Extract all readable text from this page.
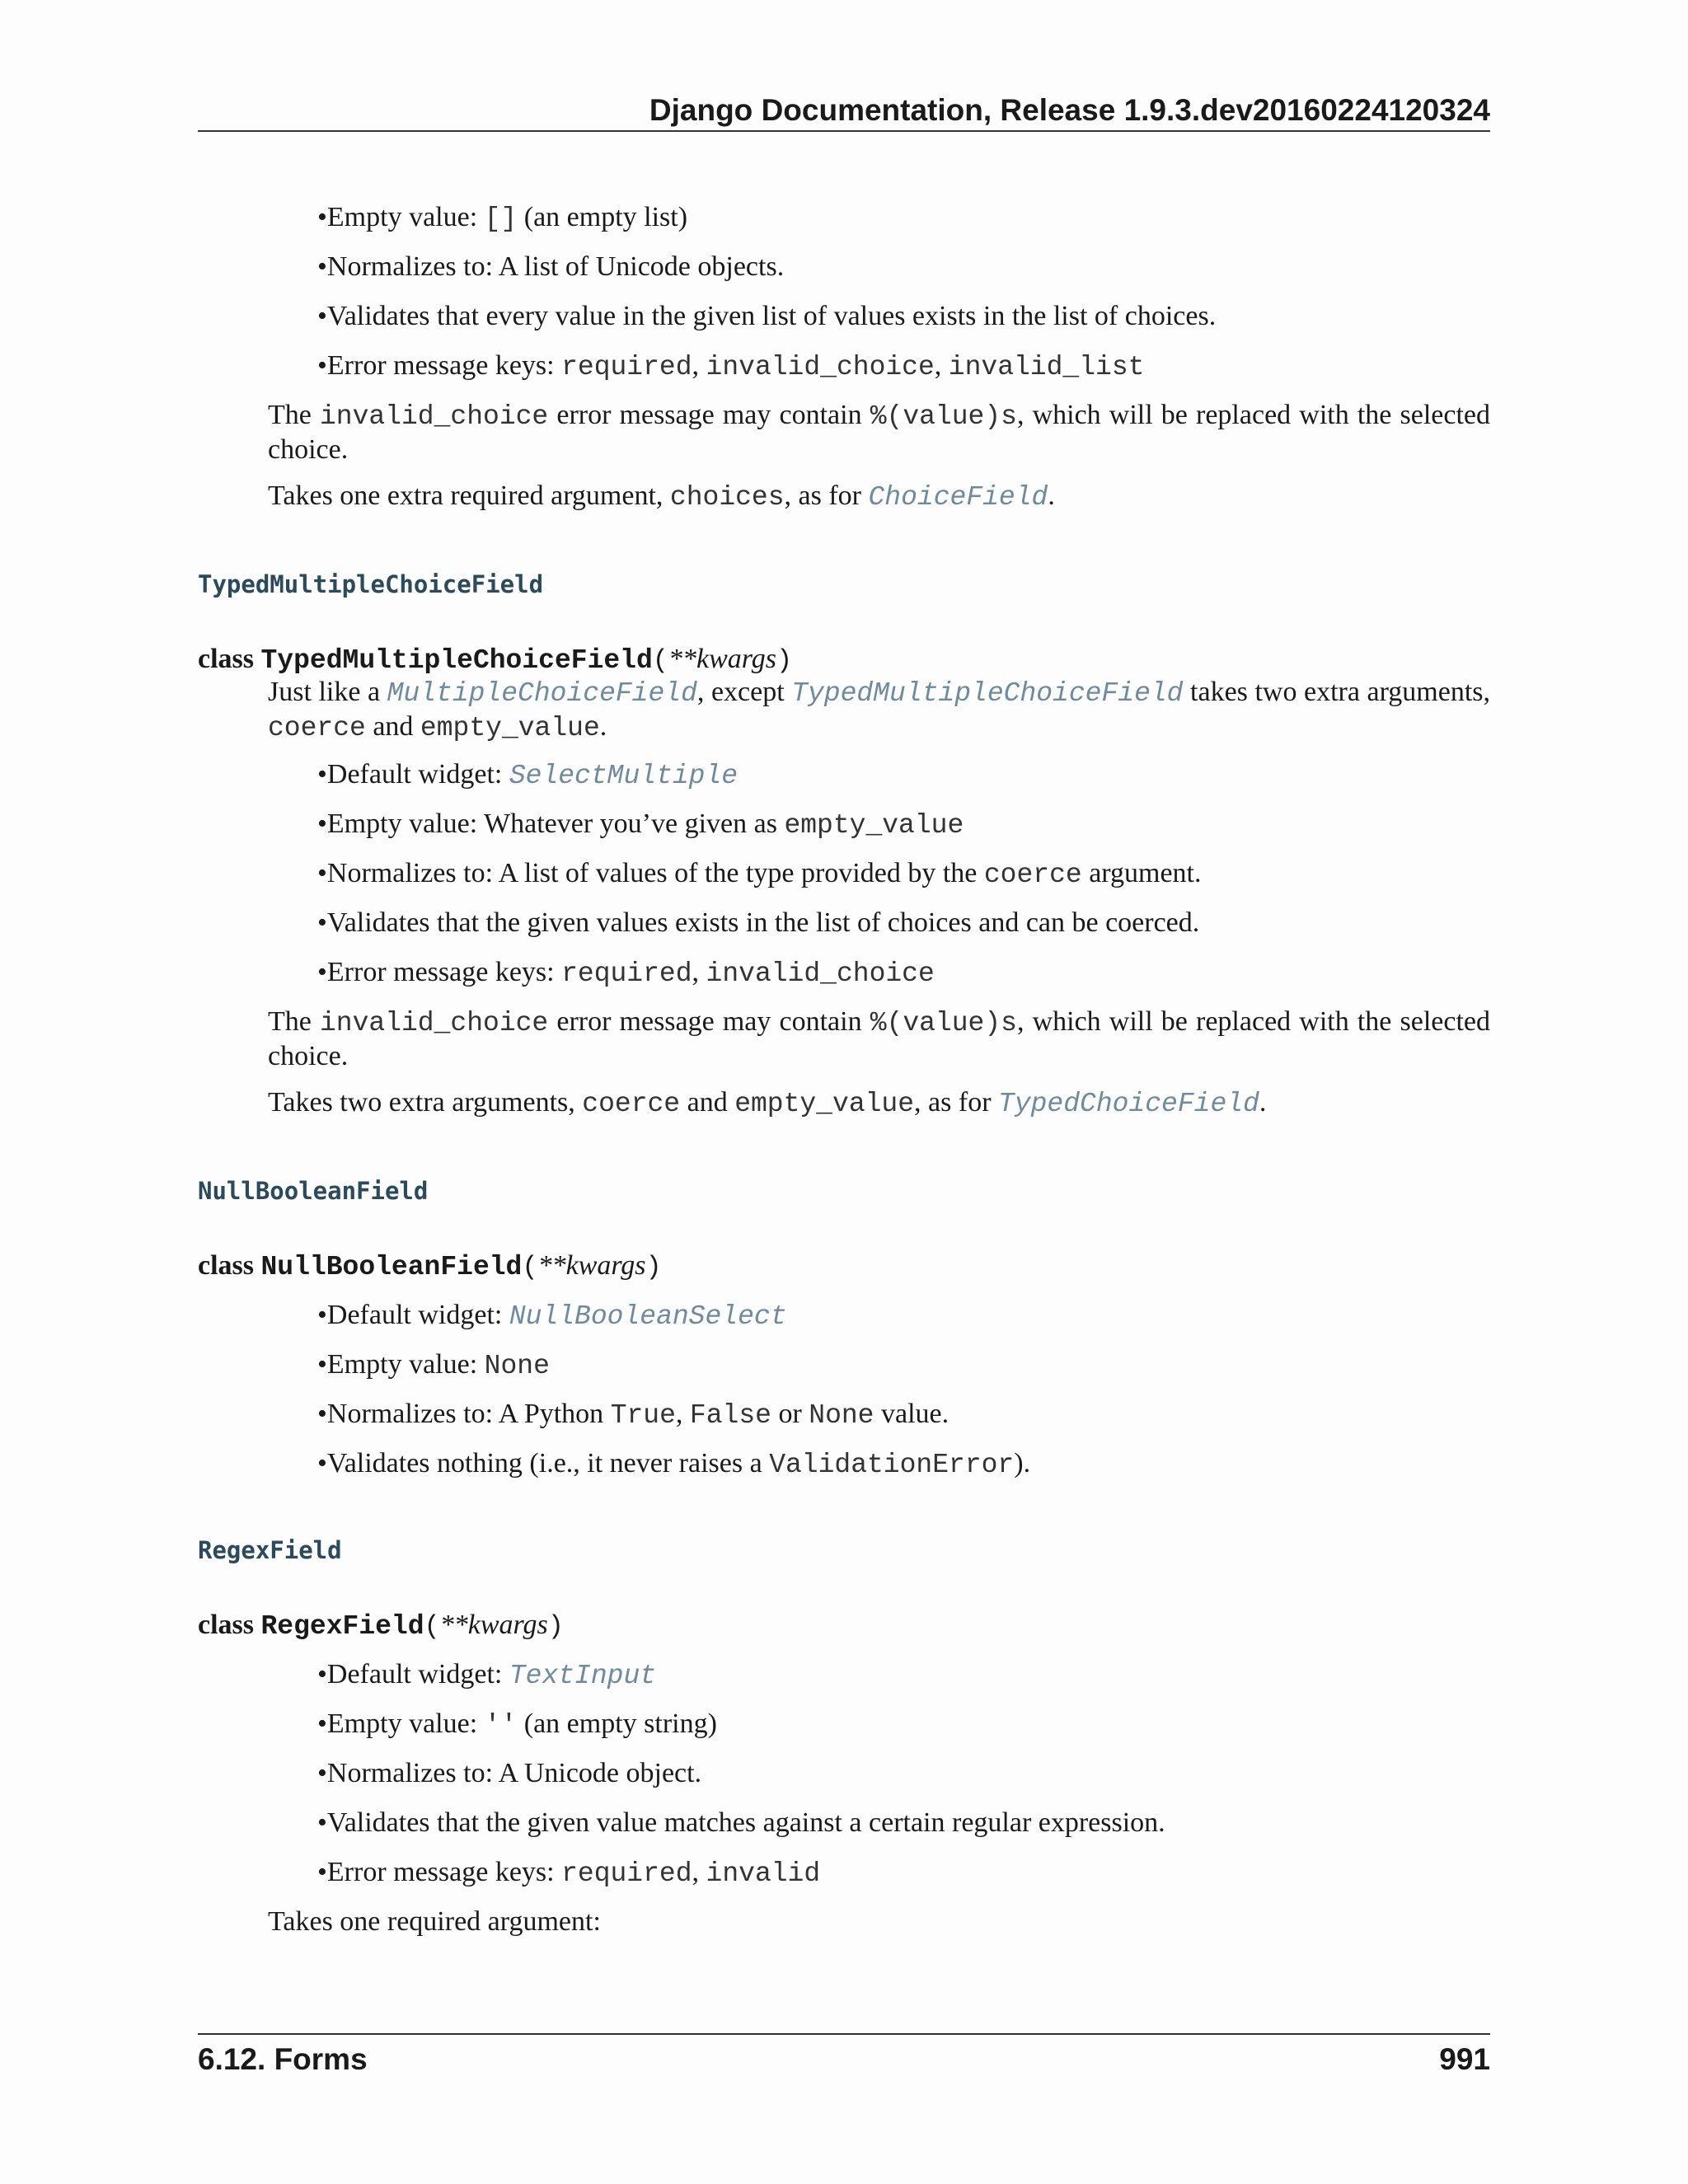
Django Documentation, Release 1.9.3.dev20160224120324
•Empty value: [] (an empty list)
•Normalizes to: A list of Unicode objects.
•Validates that every value in the given list of values exists in the list of choices.
•Error message keys: required, invalid_choice, invalid_list
The invalid_choice error message may contain %(value)s, which will be replaced with the selected choice.
Takes one extra required argument, choices, as for ChoiceField.
TypedMultipleChoiceField
class TypedMultipleChoiceField(**kwargs)
Just like a MultipleChoiceField, except TypedMultipleChoiceField takes two extra arguments, coerce and empty_value.
•Default widget: SelectMultiple
•Empty value: Whatever you’ve given as empty_value
•Normalizes to: A list of values of the type provided by the coerce argument.
•Validates that the given values exists in the list of choices and can be coerced.
•Error message keys: required, invalid_choice
The invalid_choice error message may contain %(value)s, which will be replaced with the selected choice.
Takes two extra arguments, coerce and empty_value, as for TypedChoiceField.
NullBooleanField
class NullBooleanField(**kwargs)
•Default widget: NullBooleanSelect
•Empty value: None
•Normalizes to: A Python True, False or None value.
•Validates nothing (i.e., it never raises a ValidationError).
RegexField
class RegexField(**kwargs)
•Default widget: TextInput
•Empty value: '' (an empty string)
•Normalizes to: A Unicode object.
•Validates that the given value matches against a certain regular expression.
•Error message keys: required, invalid
Takes one required argument:
6.12. Forms	991
